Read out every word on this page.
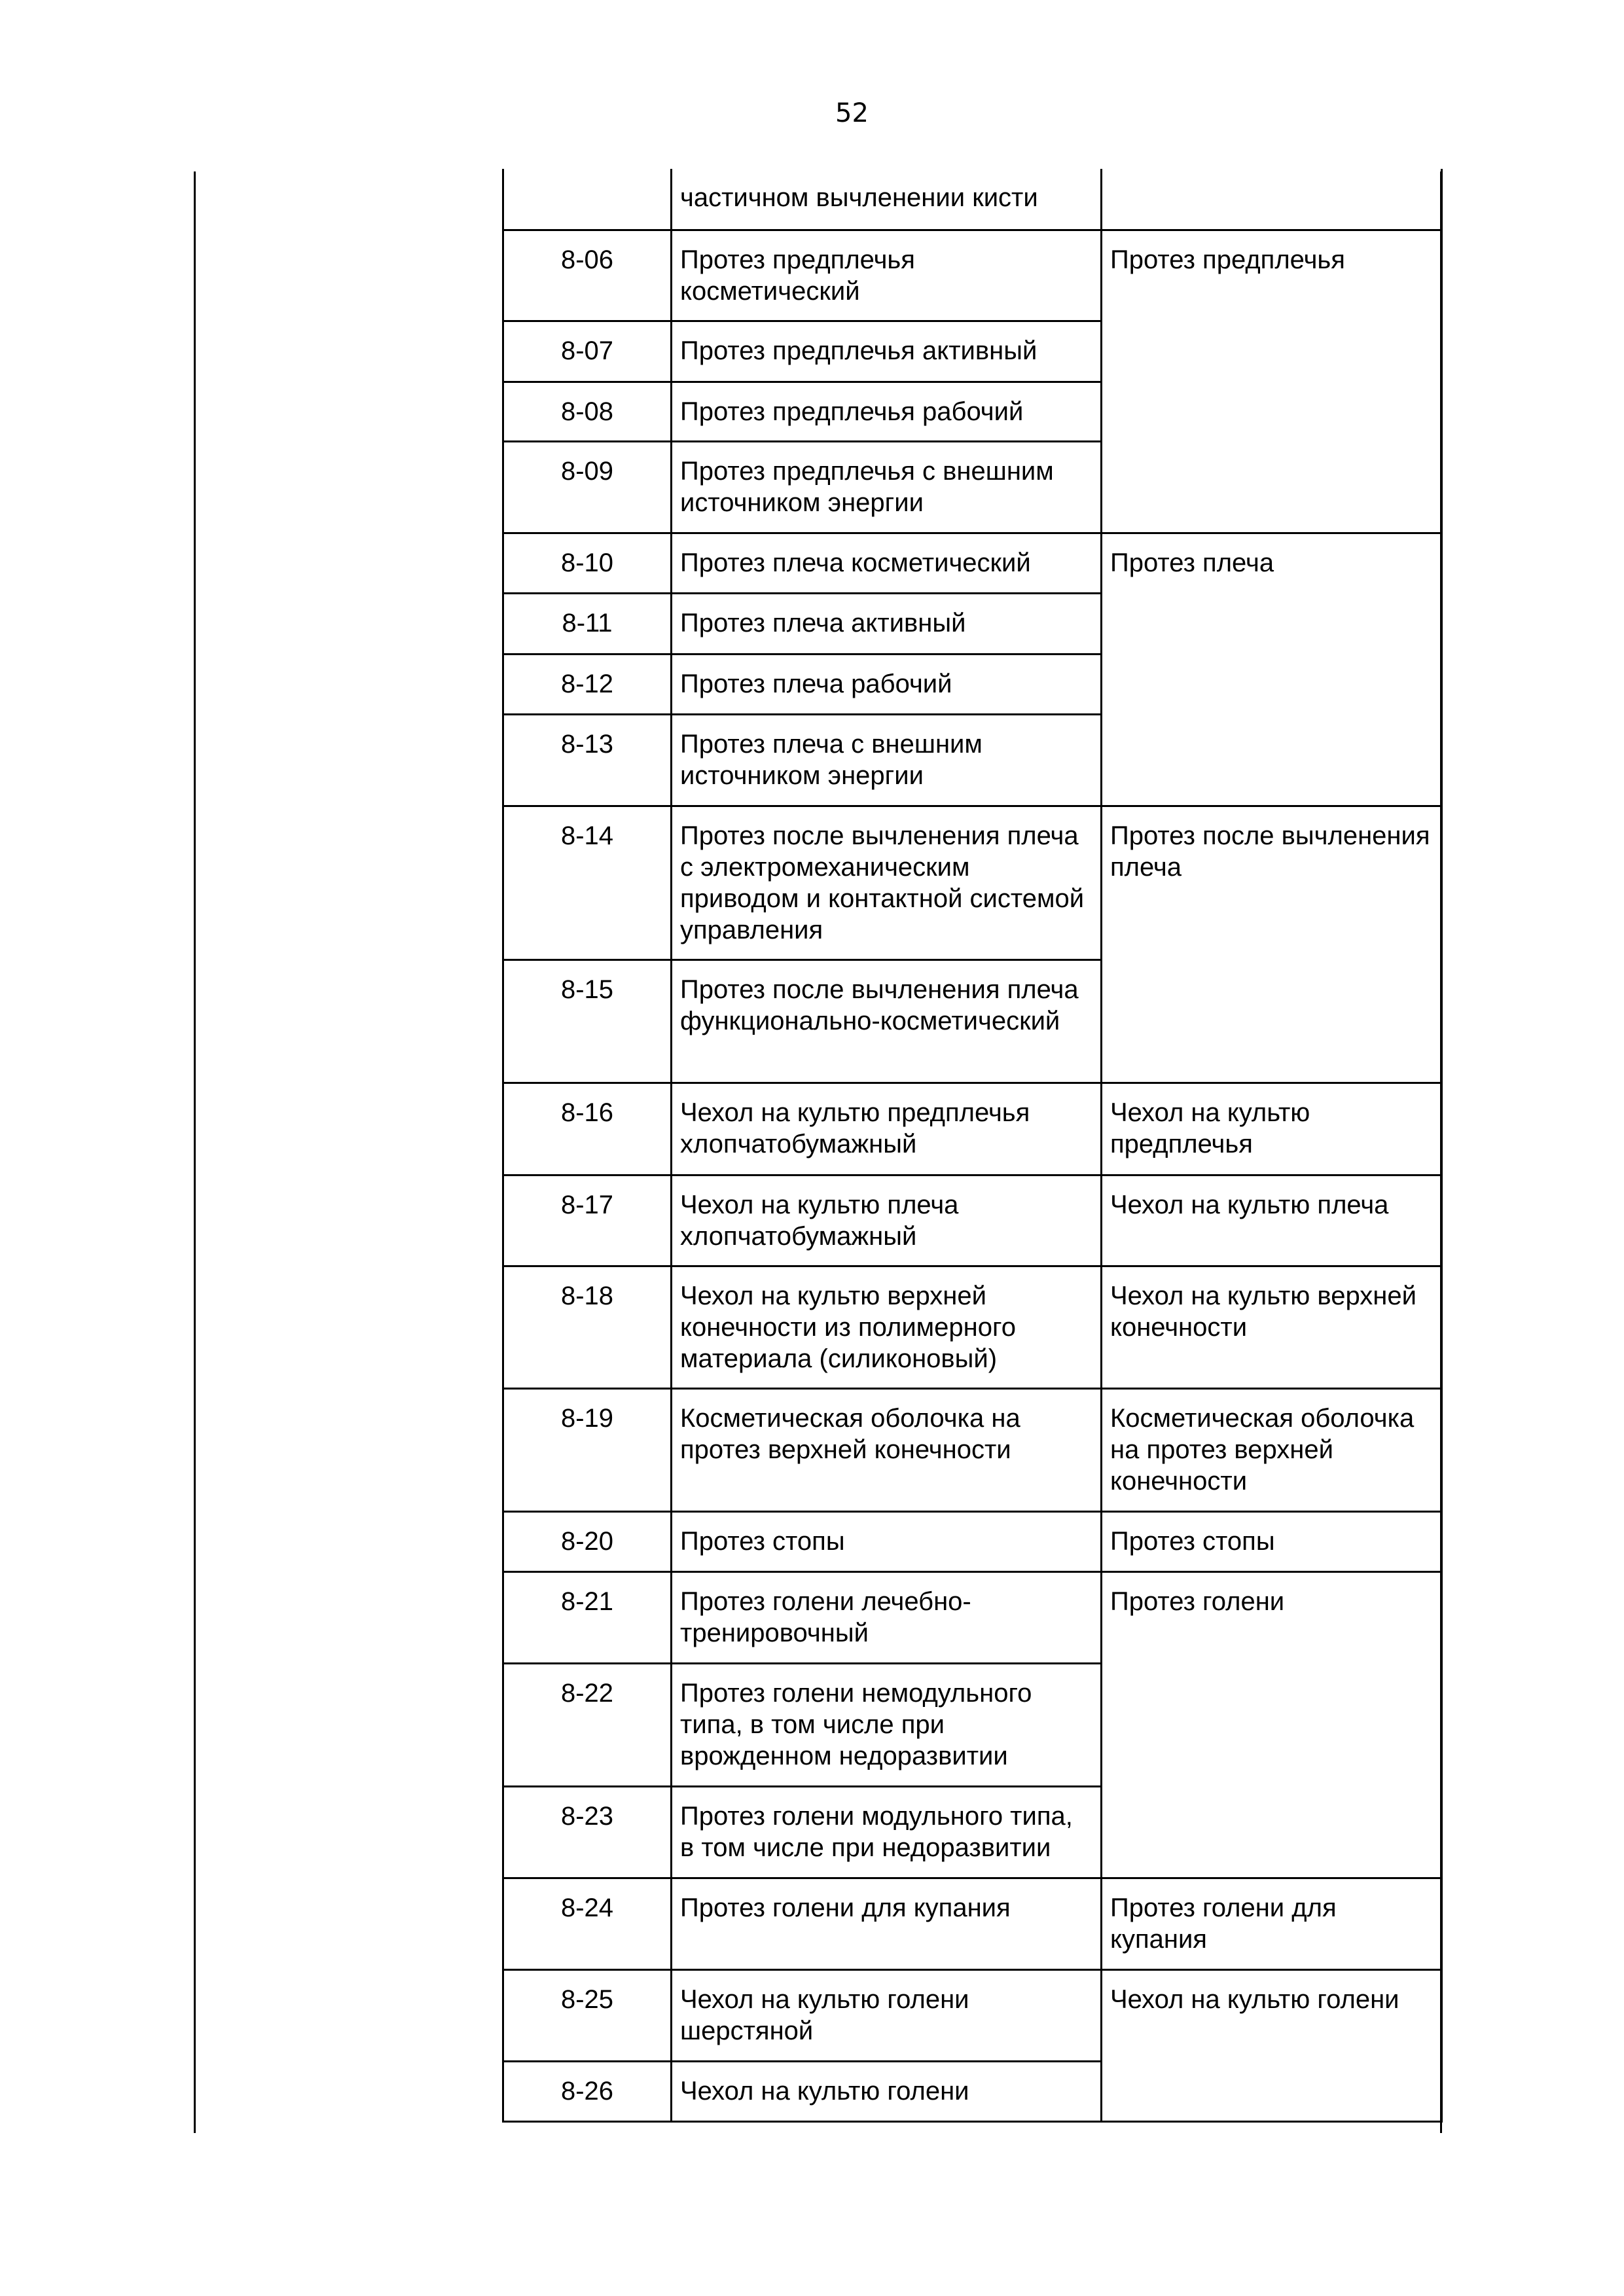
52
	частичном вычленении кисти	
8-06	Протез предплечья косметический	Протез предплечья
8-07	Протез предплечья активный	
8-08	Протез предплечья рабочий	
8-09	Протез предплечья с внешним источником энергии	
8-10	Протез плеча косметический	Протез плеча
8-11	Протез плеча активный	
8-12	Протез плеча рабочий	
8-13	Протез плеча с внешним источником энергии	
8-14	Протез после вычленения плеча с электромеханическим приводом и контактной системой управления	Протез после вычленения плеча
8-15	Протез после вычленения плеча функционально-косметический	
8-16	Чехол на культю предплечья хлопчатобумажный	Чехол на культю предплечья
8-17	Чехол на культю плеча хлопчатобумажный	Чехол на культю плеча
8-18	Чехол на культю верхней конечности из полимерного материала (силиконовый)	Чехол на культю верхней конечности
8-19	Косметическая оболочка на протез верхней конечности	Косметическая оболочка на протез верхней конечности
8-20	Протез стопы	Протез стопы
8-21	Протез голени лечебно-тренировочный	Протез голени
8-22	Протез голени немодульного типа, в том числе при врожденном недоразвитии	
8-23	Протез голени модульного типа, в том числе при недоразвитии	
8-24	Протез голени для купания	Протез голени для купания
8-25	Чехол на культю голени шерстяной	Чехол на культю голени
8-26	Чехол на культю голени	
